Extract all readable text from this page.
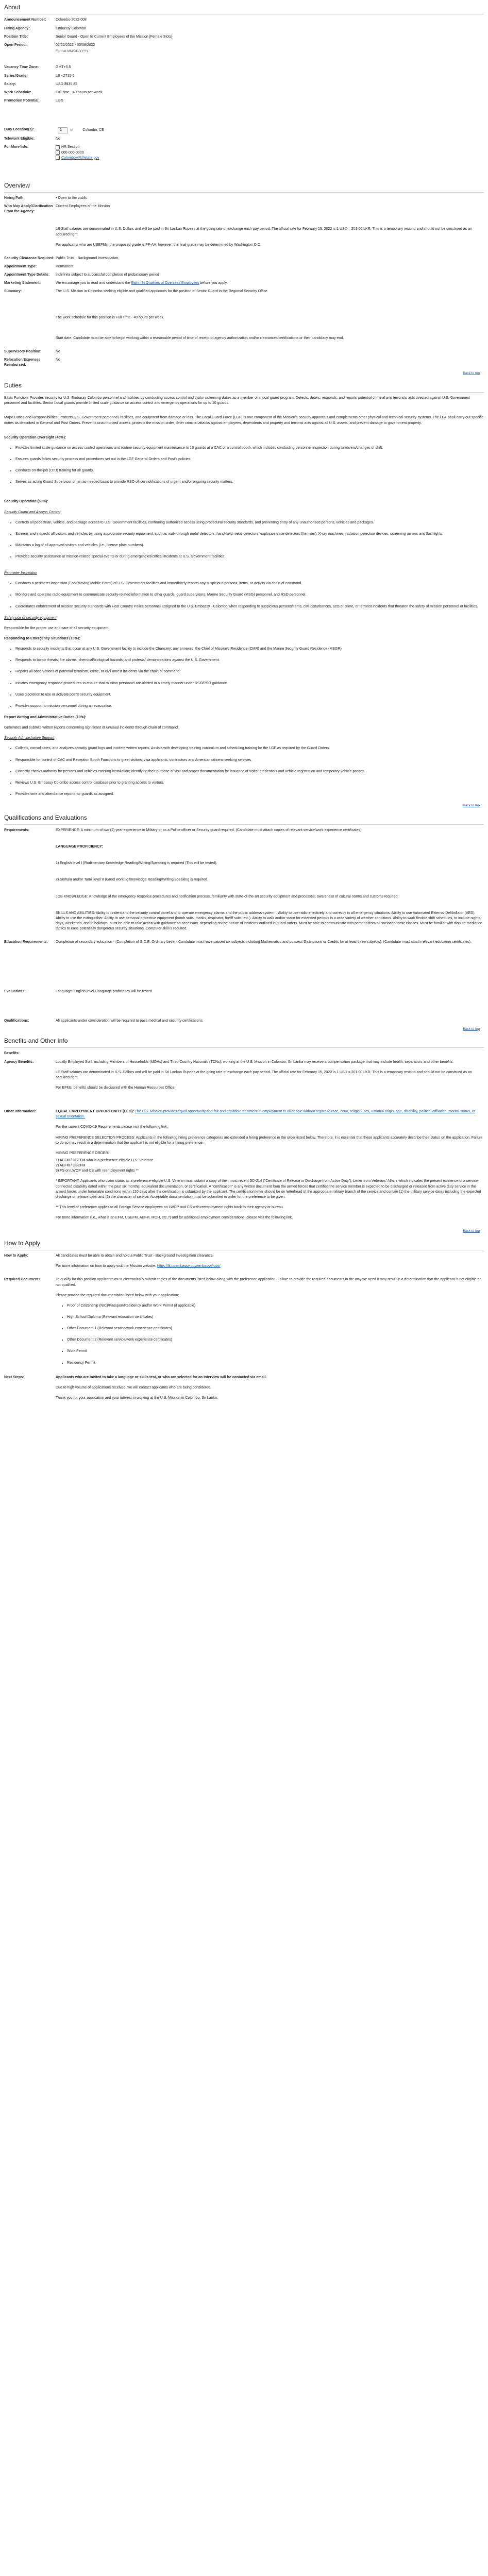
About
Announcement Number:	Colombo-2022-008
Hiring Agency:	Embassy Colombo
Position Title:	Senior Guard - Open to Current Employees of the Mission [Female Slots]
Open Period:	02/22/2022 - 03/08/2022
Format MM/DD/YYYY
Vacancy Time Zone:	GMT+5.5
Series/Grade:	LE - 2715-5
Salary:	USD $935.85
Work Schedule:	Full-time - 40 hours per week
Promotion Potential:	LE-5
Duty Location(s):	1 in	Colombo, CE
Telework Eligible:	No
For More Info:	HR Section
000-000-0000
ColomboHR@state.gov
Overview
Hiring Path:	• Open to the public
Who May Apply/Clarification From the Agency:
Current Employees of the Mission
LE Staff salaries are denominated in U.S. Dollars and will be paid in Sri Lankan Rupees at the going rate of exchange each pay period. The official rate for February 15, 2022 is 1 USD = 201.00 LKR. This is a temporary rescind and should not be construed as an acquired right.
For applicants who are USEFMs, the proposed grade is FP-AA; however, the final grade may be determined by Washington D.C.
Security Clearance Required: Public Trust - Background Investigation
Appointment Type:	Permanent
Appointment Type Details:	Indefinite subject to successful completion of probationary period
Marketing Statement:	We encourage you to read and understand the Eight (8) Qualities of Overseas Employees before you apply.
Summary:	The U.S. Mission in Colombo seeking eligible and qualified applicants for the position of Senior Guard in the Regional Security Office.
The work schedule for this position is Full Time - 40 hours per week.
Start date: Candidate must be able to begin working within a reasonable period of time of receipt of agency authorization and/or clearances/certifications or their candidacy may end.
Supervisory Position:	No
Relocation Expenses Reimbursed:
No
Back to top
Duties
Basic Function: Provides security for U.S. Embassy Colombo personnel and facilities by conducting access control and visitor screening duties as a member of a local guard program. Detects, deters, responds, and reports potential criminal and terrorists acts directed against U.S. Government personnel and facilities. Senior Local guards provide limited scale guidance on access control and emergency operations for up to 10 guards.
Major Duties and Responsibilities: Protects U.S. Government personnel, facilities, and equipment from damage or loss. The Local Guard Force (LGF) is one component of the Mission's security apparatus and complements other physical and technical security systems. The LGF shall carry out specific duties as described in General and Post Orders. Prevents unauthorized access, protects the mission order, deter criminal attacks against employees, dependents and property and terrorist acts against all U.S. assets, and prevent damage to government property.
Security Operation Oversight (45%):
• Provides limited scale guidance on access control operations and routine security equipment maintenance to 10 guards at a CAC or a control booth, which includes conducting personnel inspection during turnovers/changes of shift.
• Ensures guards follow security process and procedures set out in the LGF General Orders and Post's policies.
• Conducts on-the-job (OTJ) training for all guards.
• Serves as acting Guard Supervisor on an as-needed basis to provide RSO officer notifications of urgent and/or ongoing security matters.
Security Operation (50%):
Security Guard and Access Control
• Controls all pedestrian, vehicle, and package access to U.S. Government facilities, confirming authorized access using procedural security standards, and preventing entry of any unauthorized persons, vehicles and packages.
• Screens and inspects all visitors and vehicles by using appropriate security equipment, such as walk-through metal detectors, hand-held metal detectors, explosive trace detectors (Itemiser), X-ray machines, radiation detection devices, screening mirrors and flashlights.
• Maintains a log of all approved visitors and vehicles (i.e., license plate numbers).
• Provides security assistance at mission-related special events or during emergencies/critical incidents at U.S. Government facilities.
Perimeter Inspection
• Conducts a perimeter inspection (Foot/Moving Mobile Patrol) of U.S. Government facilities and immediately reports any suspicious persons, items, or activity via chain of command.
• Monitors and operates radio equipment to communicate security-related information to other guards, guard supervisors, Marine Security Guard (MSG) personnel, and RSO personnel.
• Coordinates enforcement of mission security standards with Host Country Police personnel assigned to the U.S. Embassy - Colombo when responding to suspicious persons/items, civil disturbances, acts of crime, or terrorist incidents that threaten the safety of mission personnel or facilities.
Safety use of security equipment
Responsible for the proper use and care of all security equipment.
Responding to Emergency Situations (15%):
• Responds to security incidents that occur at any U.S. Government facility to include the Chancery; any annexes; the Chief of Mission's Residence (CMR) and the Marine Security Guard Residence (MSGR).
• Responds to bomb threats; fire alarms; chemical/biological hazards; and protests/ demonstrations against the U.S. Government.
• Reports all observations of potential terrorism, crime, or civil unrest incidents via the chain of command.
• Initiates emergency response procedures to ensure that mission personnel are alerted in a timely manner under RSO/PSO guidance.
• Uses discretion to use or activate post's security equipment.
• Provides support to mission personnel during an evacuation.
Report Writing and Administrative Duties (10%):
Generates and submits written reports concerning significant or unusual incidents through chain of command.
Security Administrative Support
• Collects, consolidates, and analyzes security guard logs and incident written reports. Assists with developing training curriculum and scheduling training for the LGF as required by the Guard Orders.
• Responsible for control of CAC and Reception Booth Functions to greet visitors, visa applicants, contractors and American citizens seeking services.
• Correctly checks authority for persons and vehicles entering installation; identifying their purpose of visit and proper documentation for issuance of visitor credentials and vehicle registration and temporary vehicle passes.
• Reviews U.S. Embassy Colombo access control database prior to granting access to visitors.
• Provides time and attendance reports for guards as assigned.
Back to top
Qualifications and Evaluations
Requirements:	EXPERIENCE: A minimum of two (2) year experience in Military or as a Police officer or Security guard required. (Candidate must attach copies of relevant service/work experience certificates).
LANGUAGE PROFICIENCY:
1) English level I (Rudimentary Knowledge Reading/Writing/Speaking is required (This will be tested).
2) Sinhala and/or Tamil level II (Good working knowledge Reading/Writing/Speaking is required.
JOB KNOWLEDGE: Knowledge of the emergency response procedures and notification process; familiarity with state-of-the-art security equipment and processes; awareness of cultural norms and customs required.
SKILLS AND ABILITIES: Ability to understand the security control panel and to operate emergency alarms and the public address system. . Ability to use radio effectively and correctly in all emergency situations. Ability to use Automated External Defibrillator (AED). Ability to use the extinguisher. Ability to use personal protective equipment (bomb suits, masks, respirator, fire/ff suits, etc.). Ability to walk and/or stand for extended periods in a wide variety of weather conditions. Ability to work flexible shift schedules, to include nights, days, weekends, and in holidays. Must be able to take action with guidance as necessary, depending on the nature of incidents outlined in guard orders. Must be able to communicate with persons from all socioeconomic classes. Must be familiar with dispute mediation tactics to ease potentially dangerous security situations. Computer skill is required.
Education Requirements:	Completion of secondary education - (Completion of G.C.E. Ordinary Level - Candidate must have passed six subjects including Mathematics and possess Distinctions or Credits for at least three subjects). (Candidate must attach relevant education certificates).
Evaluations:	Language: English level I language proficiency will be tested.
Qualifications:	All applicants under consideration will be required to pass medical and security certifications.
Back to top
Benefits and Other Info
Benefits:
Agency Benefits:	Locally Employed Staff, including Members of Households (MOHs) and Third-Country Nationals (TCNs), working at the U.S. Mission in Colombo, Sri Lanka may receive a compensation package that may include health, separation, and other benefits.
LE Staff salaries are denominated in U.S. Dollars and will be paid in Sri Lankan Rupees at the going rate of exchange each pay period. The official rate for February 15, 2022 is 1 USD = 201.00 LKR. This is a temporary rescind and should not be construed as an acquired right.
For EFMs, benefits should be discussed with the Human Resources Office.
Other Information:	EQUAL EMPLOYMENT OPPORTUNITY (EEO): The U.S. Mission provides equal opportunity and fair and equitable treatment in employment to all people without regard to race, color, religion, sex, national origin, age, disability, political affiliation, marital status, or sexual orientation.
For the current COVID-19 Requirements please visit the following link.
HIRING PREFERENCE SELECTION PROCESS: Applicants in the following hiring preference categories are extended a hiring preference in the order listed below. Therefore, it is essential that these applicants accurately describe their status on the application. Failure to do so may result in a determination that the applicant is not eligible for a hiring preference.
HIRING PREFERENCE ORDER:
1) AEFM / USEFM who is a preference-eligible U.S. Veteran*
2) AEFM / USEFM
3) FS on LWOP and CS with reemployment rights **
* IMPORTANT: Applicants who claim status as a preference-eligible U.S. Veteran must submit a copy of their most recent DD-214 ("Certificate of Release or Discharge from Active Duty"), Letter from Veterans' Affairs which indicates the present existence of a service-connected disability dated within the past six months, equivalent documentation, or certification. A "certification" is any written document from the armed forces that certifies the service member is expected to be discharged or released from active duty service in the armed forces under honorable conditions within 120 days after the certification is submitted by the applicant. The certification letter should be on letterhead of the appropriate military branch of the service and contain (1) the military service dates including the expected discharge or release date; and (2) the character of service. Acceptable documentation must be submitted in order for the preference to be given.
** This level of preference applies to all Foreign Service employees on LWOP and CS with reemployment rights back to their agency or bureau.
For more information (i.e., what is an EFM, USEFM, AEFM, MOH, etc.?) and for additional employment considerations, please visit the following link.
Back to top
How to Apply
How to Apply:	All candidates must be able to obtain and hold a Public Trust - Background Investigation clearance.
For more information on how to apply visit the Mission website: https://lk.usembassy.gov/embassy/jobs/
Required Documents:	To qualify for this position applicants must electronically submit copies of the documents listed below along with the preference application. Failure to provide the required documents in the way we need it may result in a determination that the applicant is not eligible or not qualified.
Please provide the required documentation listed below with your application:
• Proof of Citizenship (NIC)/Passport/Residency and/or Work Permit (if applicable)
• High School Diploma (Relevant education certificates)
• Other Document 1 (Relevant service/work experience certificates)
• Other Document 2 (Relevant service/work experience certificates)
• Work Permit
• Residency Permit
Next Steps:	Applicants who are invited to take a language or skills test, or who are selected for an interview will be contacted via email.
Due to high volume of applications received, we will contact applicants who are being considered.
Thank you for your application and your interest in working at the U.S. Mission in Colombo, Sri Lanka.
